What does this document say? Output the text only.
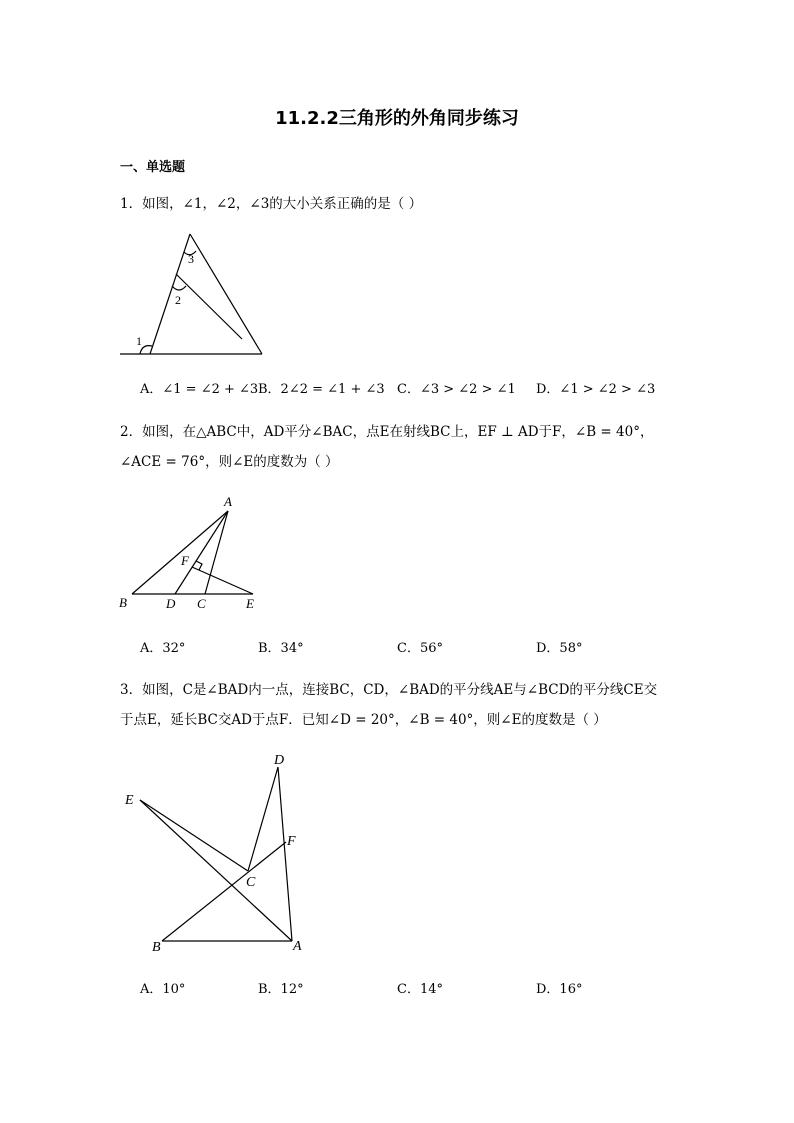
11.2.2三角形的外角同步练习
一、单选题
1．如图，∠1，∠2，∠3的大小关系正确的是（ ）
3
2
1
A．∠1 = ∠2 + ∠3 B．2∠2 = ∠1 + ∠3 C．∠3 > ∠2 > ∠1 D．∠1 > ∠2 > ∠3
2．如图，在△ABC中，AD平分∠BAC，点E在射线BC上，EF ⊥ AD于F，∠B = 40°，
∠ACE = 76°，则∠E的度数为（ ）
A
F
B	D C	E
A．32°	B．34°	C．56°	D．58°
3．如图，C是∠BAD内一点，连接BC，CD，∠BAD的平分线AE与∠BCD的平分线CE交
于点E，延长BC交AD于点F．已知∠D = 20°，∠B = 40°，则∠E的度数是（ ）
D
E
F
C
B	A
A．10°	B．12°	C．14°	D．16°
